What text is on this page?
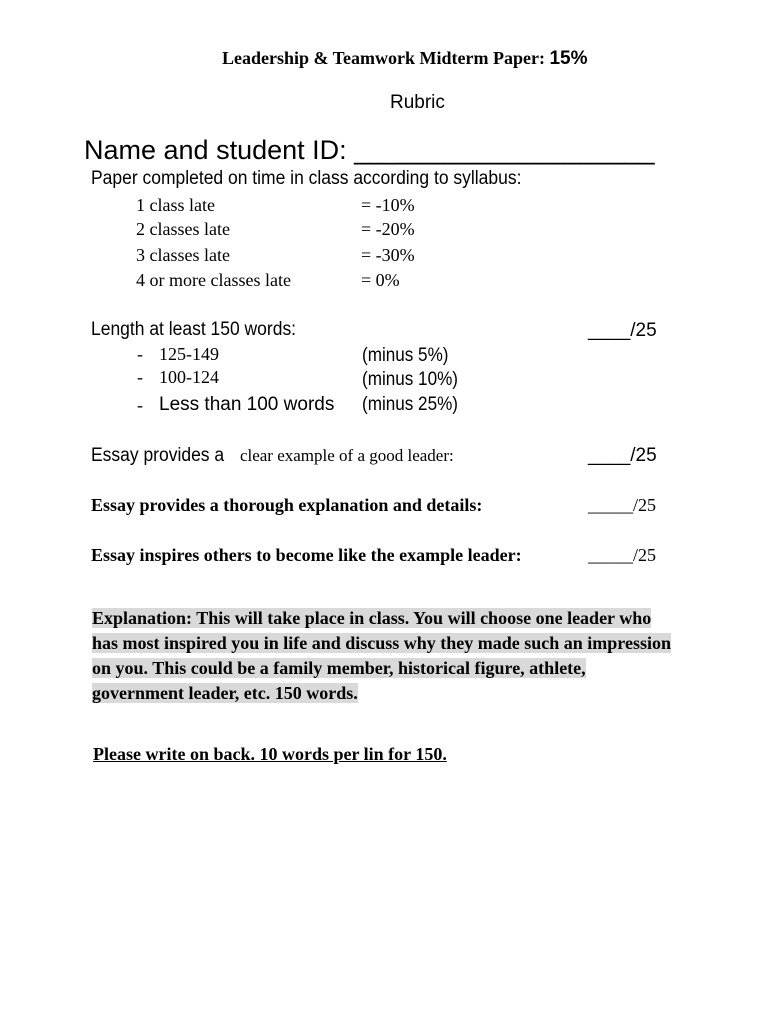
Leadership & Teamwork Midterm Paper: 15%
Rubric
Name and student ID: ____________________
Paper completed on time in class according to syllabus:
1 class late	= -10%
2 classes late	= -20%
3 classes late	= -30%
4 or more classes late	= 0%
Length at least 150 words:	____/25
- 125-149	(minus 5%)
- 100-124	(minus 10%)
- Less than 100 words (minus 25%)
Essay provides a clear example of a good leader:	____/25
Essay provides a thorough explanation and details:	_____/25
Essay inspires others to become like the example leader:	_____/25
Explanation: This will take place in class. You will choose one leader who has most inspired you in life and discuss why they made such an impression on you. This could be a family member, historical figure, athlete, government leader, etc. 150 words.
Please write on back. 10 words per lin for 150.
